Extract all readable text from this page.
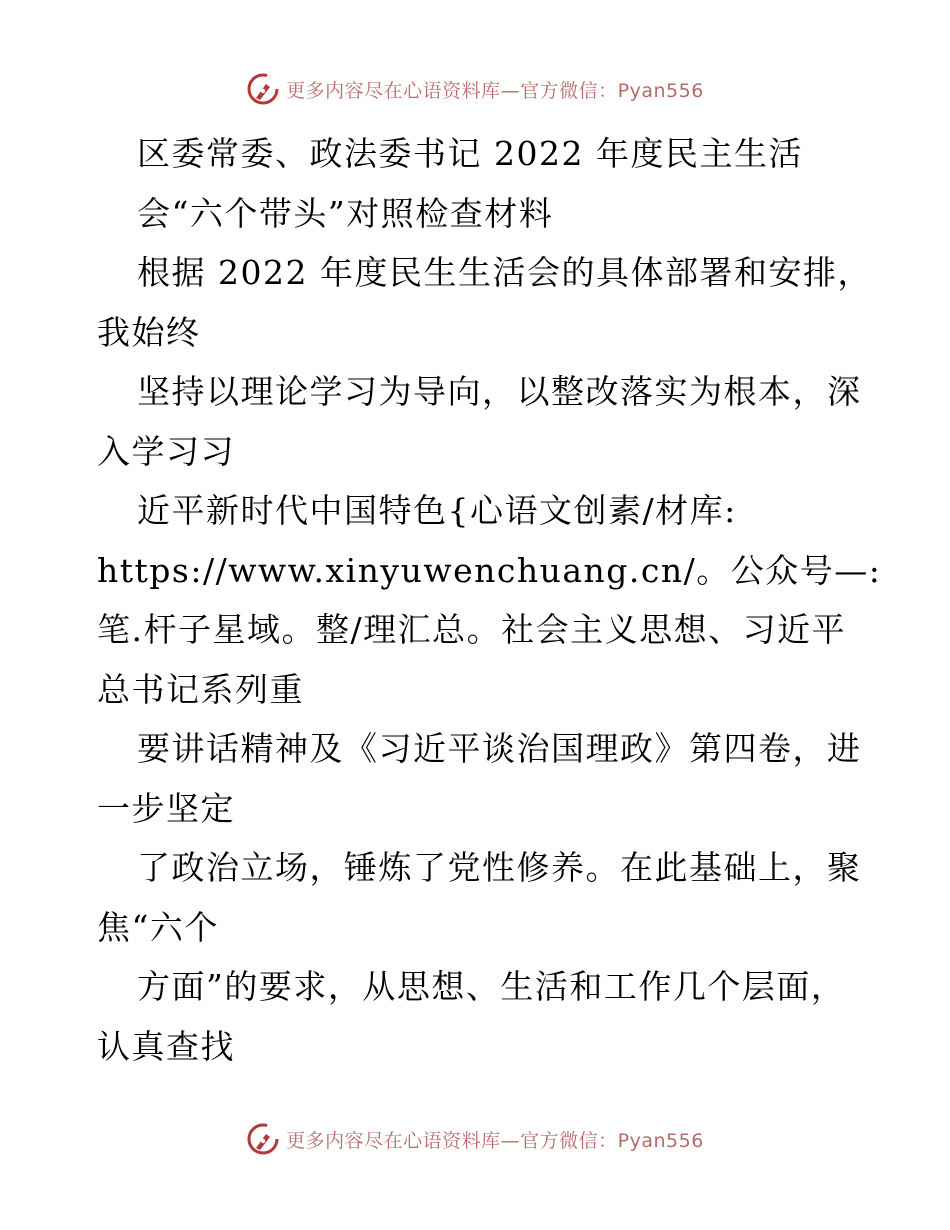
更多内容尽在心语资料库—官方微信：Pyan556
区委常委、政法委书记 2022 年度民主生活
会“六个带头”对照检查材料
根据 2022 年度民生生活会的具体部署和安排，
我始终
坚持以理论学习为导向，以整改落实为根本，深
入学习习
近平新时代中国特色{心语文创素/材库:
https://www.xinyuwenchuang.cn/。公众号—:
笔.杆子星域。整/理汇总。社会主义思想、习近平
总书记系列重
要讲话精神及《习近平谈治国理政》第四卷，进
一步坚定
了政治立场，锤炼了党性修养。在此基础上，聚
焦“六个
方面”的要求，从思想、生活和工作几个层面，
认真查找
更多内容尽在心语资料库—官方微信：Pyan556
